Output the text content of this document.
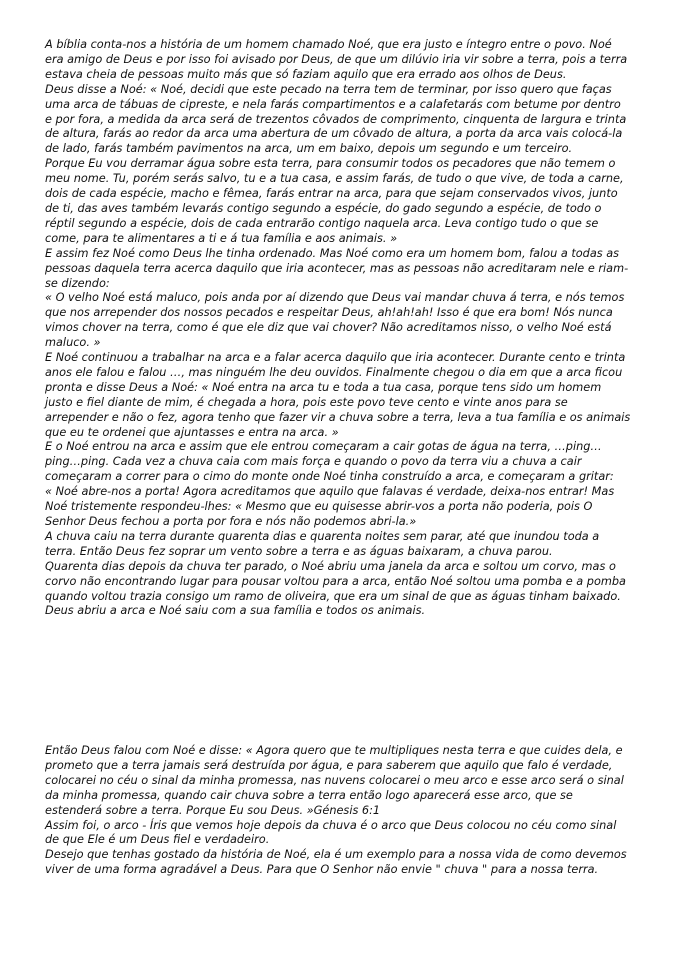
A bíblia conta-nos a história de um homem chamado Noé, que era justo e íntegro entre o povo. Noé era amigo de Deus e por isso foi avisado por Deus, de que um dilúvio iria vir sobre a terra, pois a terra estava cheia de pessoas muito más que só faziam aquilo que era errado aos olhos de Deus.

Deus disse a Noé: « Noé, decidi que este pecado na terra tem de terminar, por isso quero que faças uma arca de tábuas de cipreste, e nela farás compartimentos e a calafetarás com betume por dentro e por fora, a medida da arca será de trezentos côvados de comprimento, cinquenta de largura e trinta de altura, farás ao redor da arca uma abertura de um côvado de altura, a porta da arca vais colocá-la de lado, farás também pavimentos na arca, um em baixo, depois um segundo e um terceiro.

Porque Eu vou derramar água sobre esta terra, para consumir todos os pecadores que não temem o meu nome. Tu, porém serás salvo, tu e a tua casa, e assim farás, de tudo o que vive, de toda a carne, dois de cada espécie, macho e fêmea, farás entrar na arca, para que sejam conservados vivos, junto de ti, das aves também levarás contigo segundo a espécie, do gado segundo a espécie, de todo o réptil segundo a espécie, dois de cada entrarão contigo naquela arca. Leva contigo tudo o que se come, para te alimentares a ti e á tua família e aos animais. »

E assim fez Noé como Deus lhe tinha ordenado. Mas Noé como era um homem bom, falou a todas as pessoas daquela terra acerca daquilo que iria acontecer, mas as pessoas não acreditaram nele e riam-se dizendo:

« O velho Noé está maluco, pois anda por aí dizendo que Deus vai mandar chuva á terra, e nós temos que nos arrepender dos nossos pecados e respeitar Deus, ah!ah!ah! Isso é que era bom! Nós nunca vimos chover na terra, como é que ele diz que vai chover? Não acreditamos nisso, o velho Noé está maluco. »

E Noé continuou a trabalhar na arca e a falar acerca daquilo que iria acontecer. Durante cento e trinta anos ele falou e falou …, mas ninguém lhe deu ouvidos. Finalmente chegou o dia em que a arca ficou pronta e disse Deus a Noé: « Noé entra na arca tu e toda a tua casa, porque tens sido um homem justo e fiel diante de mim, é chegada a hora, pois este povo teve cento e vinte anos para se arrepender e não o fez, agora tenho que fazer vir a chuva sobre a terra, leva a tua família e os animais que eu te ordenei que ajuntasses e entra na arca. »

E o Noé entrou na arca e assim que ele entrou começaram a cair gotas de água na terra, …ping…ping…ping. Cada vez a chuva caia com mais força e quando o povo da terra viu a chuva a cair começaram a correr para o cimo do monte onde Noé tinha construído a arca, e começaram a gritar:

« Noé abre-nos a porta! Agora acreditamos que aquilo que falavas é verdade, deixa-nos entrar! Mas Noé tristemente respondeu-lhes: « Mesmo que eu quisesse abrir-vos a porta não poderia, pois O Senhor Deus fechou a porta por fora e nós não podemos abri-la.»

A chuva caiu na terra durante quarenta dias e quarenta noites sem parar, até que inundou toda a terra. Então Deus fez soprar um vento sobre a terra e as águas baixaram, a chuva parou.

Quarenta dias depois da chuva ter parado, o Noé abriu uma janela da arca e soltou um corvo, mas o corvo não encontrando lugar para pousar voltou para a arca, então Noé soltou uma pomba e a pomba quando voltou trazia consigo um ramo de oliveira, que era um sinal de que as águas tinham baixado.

Deus abriu a arca e Noé saiu com a sua família e todos os animais.

Então Deus falou com Noé e disse: « Agora quero que te multipliques nesta terra e que cuides dela, e prometo que a terra jamais será destruída por água, e para saberem que aquilo que falo é verdade, colocarei no céu o sinal da minha promessa, nas nuvens colocarei o meu arco e esse arco será o sinal da minha promessa, quando cair chuva sobre a terra então logo aparecerá esse arco, que se estenderá sobre a terra. Porque Eu sou Deus. »Génesis 6:1

Assim foi, o arco - Íris que vemos hoje depois da chuva é o arco que Deus colocou no céu como sinal de que Ele é um Deus fiel e verdadeiro.

Desejo que tenhas gostado da história de Noé, ela é um exemplo para a nossa vida de como devemos viver de uma forma agradável a Deus. Para que O Senhor não envie " chuva " para a nossa terra.
